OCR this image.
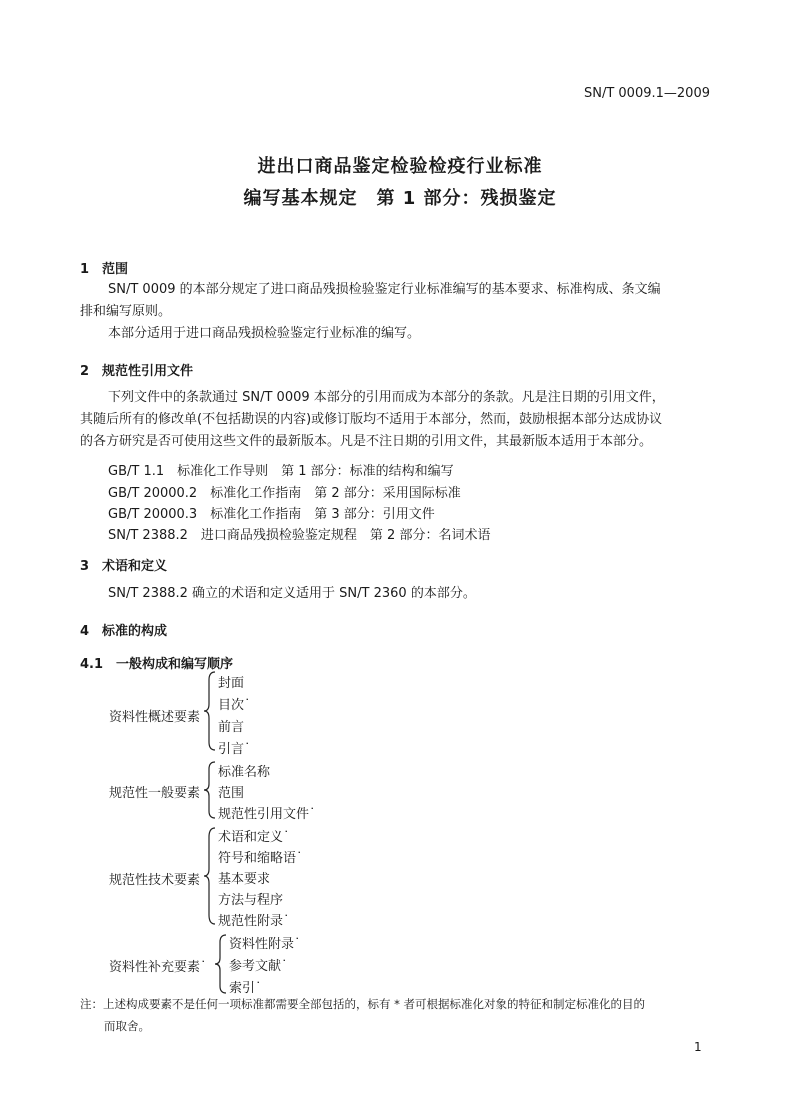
SN/T 0009.1—2009
进出口商品鉴定检验检疫行业标准
编写基本规定　第 1 部分：残损鉴定
1　范围
SN/T 0009 的本部分规定了进口商品残损检验鉴定行业标准编写的基本要求、标准构成、条文编
排和编写原则。
本部分适用于进口商品残损检验鉴定行业标准的编写。
2　规范性引用文件
下列文件中的条款通过 SN/T 0009 本部分的引用而成为本部分的条款。凡是注日期的引用文件，
其随后所有的修改单(不包括勘误的内容)或修订版均不适用于本部分，然而，鼓励根据本部分达成协议
的各方研究是否可使用这些文件的最新版本。凡是不注日期的引用文件，其最新版本适用于本部分。
GB/T 1.1　标准化工作导则　第 1 部分：标准的结构和编写
GB/T 20000.2　标准化工作指南　第 2 部分：采用国际标准
GB/T 20000.3　标准化工作指南　第 3 部分：引用文件
SN/T 2388.2　进口商品残损检验鉴定规程　第 2 部分：名词术语
3　术语和定义
SN/T 2388.2 确立的术语和定义适用于 SN/T 2360 的本部分。
4　标准的构成
4.1　一般构成和编写顺序
资料性概述要素
封面
目次˙
前言
引言˙
规范性一般要素
标准名称
范围
规范性引用文件˙
规范性技术要素
术语和定义˙
符号和缩略语˙
基本要求
方法与程序
规范性附录˙
资料性补充要素˙
资料性附录˙
参考文献˙
索引˙
注：上述构成要素不是任何一项标准都需要全部包括的，标有 * 者可根据标准化对象的特征和制定标准化的目的
而取舍。
1
